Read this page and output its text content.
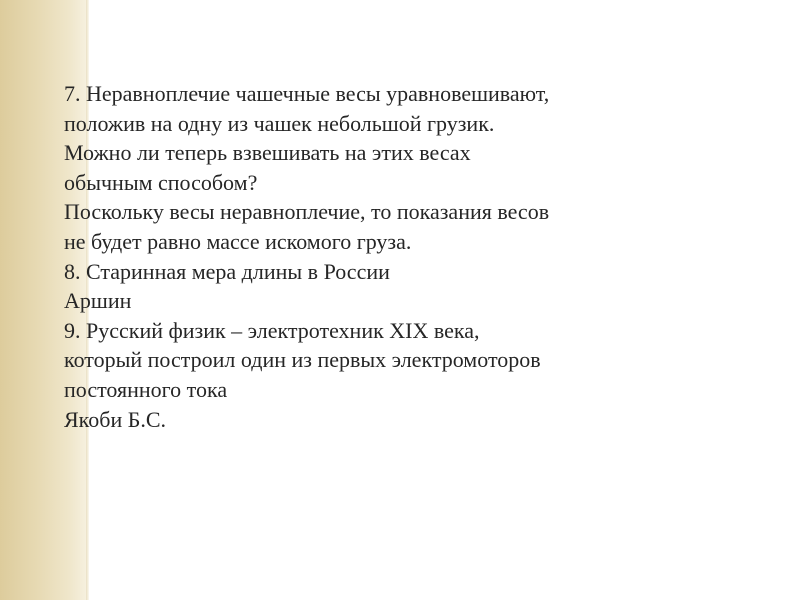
7. Неравноплечие чашечные весы уравновешивают,
положив на одну из чашек небольшой грузик.
Можно ли теперь взвешивать на этих весах
обычным способом?
Поскольку весы неравноплечие, то показания весов
не будет равно массе искомого груза.
8. Старинная мера длины в России
Аршин
9. Русский физик – электротехник XIX века,
который построил один из первых электромоторов
постоянного тока
Якоби Б.С.
